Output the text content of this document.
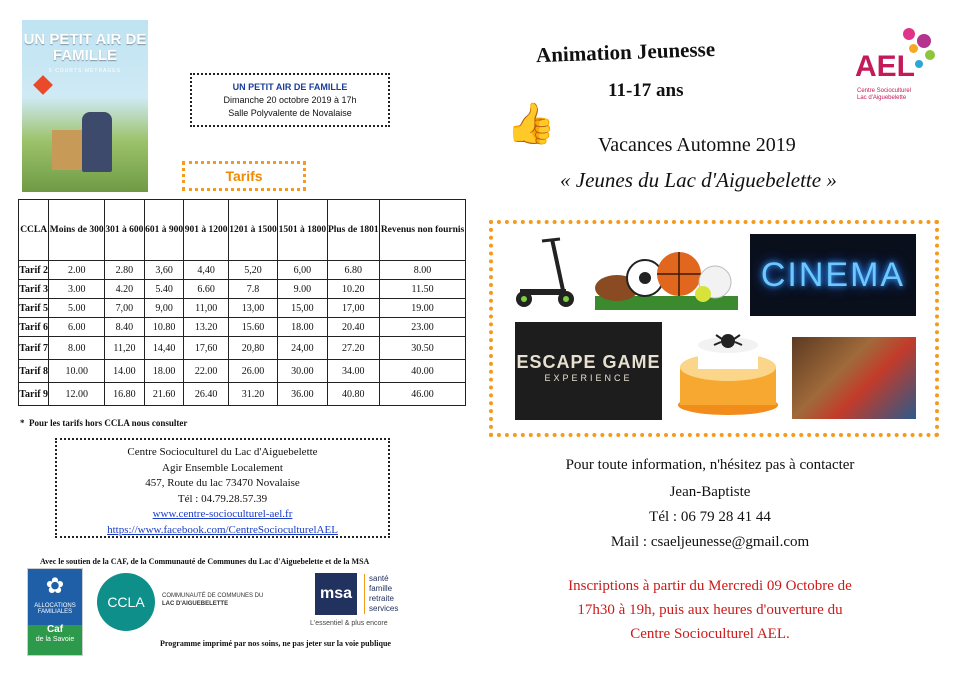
UN PETIT AIR DE FAMILLE
5 COURTS-MÉTRAGES
UN PETIT AIR DE FAMILLE
Dimanche 20 octobre 2019 à 17h
Salle Polyvalente de Novalaise
Tarifs
CCLA	Moins de 300	301 à 600	601 à 900	901 à 1200	1201 à 1500	1501 à 1800	Plus de 1801	Revenus non fournis
Tarif 2	2.00	2.80	3,60	4,40	5,20	6,00	6.80	8.00
Tarif 3	3.00	4.20	5.40	6.60	7.8	9.00	10.20	11.50
Tarif 5	5.00	7,00	9,00	11,00	13,00	15,00	17,00	19.00
Tarif 6	6.00	8.40	10.80	13.20	15.60	18.00	20.40	23.00
Tarif 7	8.00	11,20	14,40	17,60	20,80	24,00	27.20	30.50
Tarif 8	10.00	14.00	18.00	22.00	26.00	30.00	34.00	40.00
Tarif 9	12.00	16.80	21.60	26.40	31.20	36.00	40.80	46.00
*  Pour les tarifs hors CCLA nous consulter
Centre Socioculturel du Lac d'Aiguebelette
Agir Ensemble Localement
457, Route du lac 73470 Novalaise
Tél : 04.79.28.57.39
www.centre-socioculturel-ael.fr
https://www.facebook.com/CentreSocioculturelAEL
Avec le soutien de la CAF, de la Communauté de Communes du Lac d'Aiguebelette et de la MSA
✿
ALLOCATIONS FAMILIALES
Caf
de la Savoie
CCLA	COMMUNAUTÉ DE COMMUNES DU
LAC D'AIGUEBELETTE
msa
santé
famille
retraite
services
L'essentiel & plus encore
Programme imprimé par nos soins, ne pas jeter sur la voie publique
Animation Jeunesse
11-17 ans
👍 Vacances Automne 2019
« Jeunes du Lac d'Aiguebelette »
AEL
Centre Socioculturel
Lac d'Aiguebelette
CINEMA
ESCAPE GAME
EXPERIENCE
Pour toute information, n'hésitez pas à contacter
Jean-Baptiste
Tél : 06 79 28 41 44
Mail : csaeljeunesse@gmail.com
Inscriptions à partir du Mercredi 09 Octobre de
17h30 à 19h, puis aux heures d'ouverture du
Centre Socioculturel AEL.
